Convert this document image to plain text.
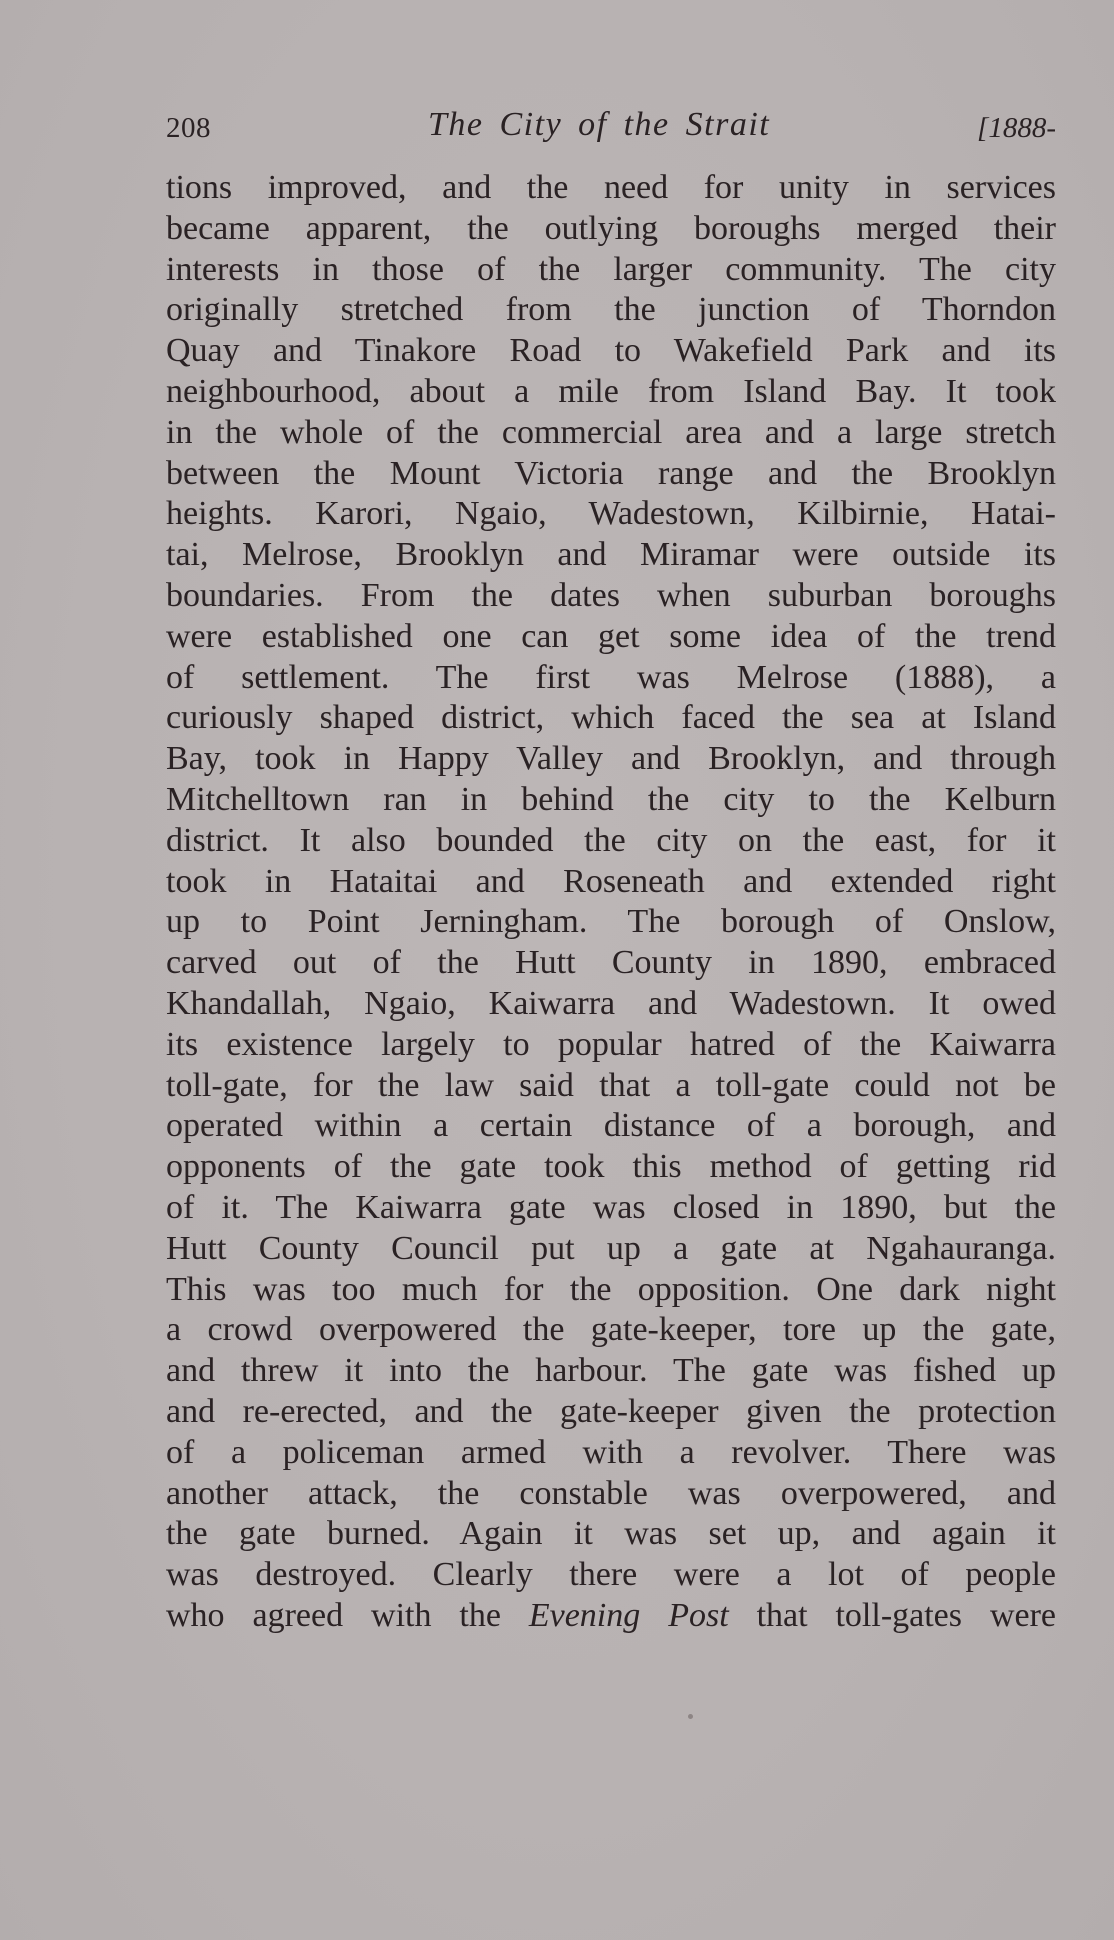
208	The City of the Strait	[1888-
tions improved, and the need for unity in services
became apparent, the outlying boroughs merged their
interests in those of the larger community. The city
originally stretched from the junction of Thorndon
Quay and Tinakore Road to Wakefield Park and its
neighbourhood, about a mile from Island Bay. It took
in the whole of the commercial area and a large stretch
between the Mount Victoria range and the Brooklyn
heights. Karori, Ngaio, Wadestown, Kilbirnie, Hatai-
tai, Melrose, Brooklyn and Miramar were outside its
boundaries. From the dates when suburban boroughs
were established one can get some idea of the trend
of settlement. The first was Melrose (1888), a
curiously shaped district, which faced the sea at Island
Bay, took in Happy Valley and Brooklyn, and through
Mitchelltown ran in behind the city to the Kelburn
district. It also bounded the city on the east, for it
took in Hataitai and Roseneath and extended right
up to Point Jerningham. The borough of Onslow,
carved out of the Hutt County in 1890, embraced
Khandallah, Ngaio, Kaiwarra and Wadestown. It owed
its existence largely to popular hatred of the Kaiwarra
toll-gate, for the law said that a toll-gate could not be
operated within a certain distance of a borough, and
opponents of the gate took this method of getting rid
of it. The Kaiwarra gate was closed in 1890, but the
Hutt County Council put up a gate at Ngahauranga.
This was too much for the opposition. One dark night
a crowd overpowered the gate-keeper, tore up the gate,
and threw it into the harbour. The gate was fished up
and re-erected, and the gate-keeper given the protection
of a policeman armed with a revolver. There was
another attack, the constable was overpowered, and
the gate burned. Again it was set up, and again it
was destroyed. Clearly there were a lot of people
who agreed with the Evening Post that toll-gates were
